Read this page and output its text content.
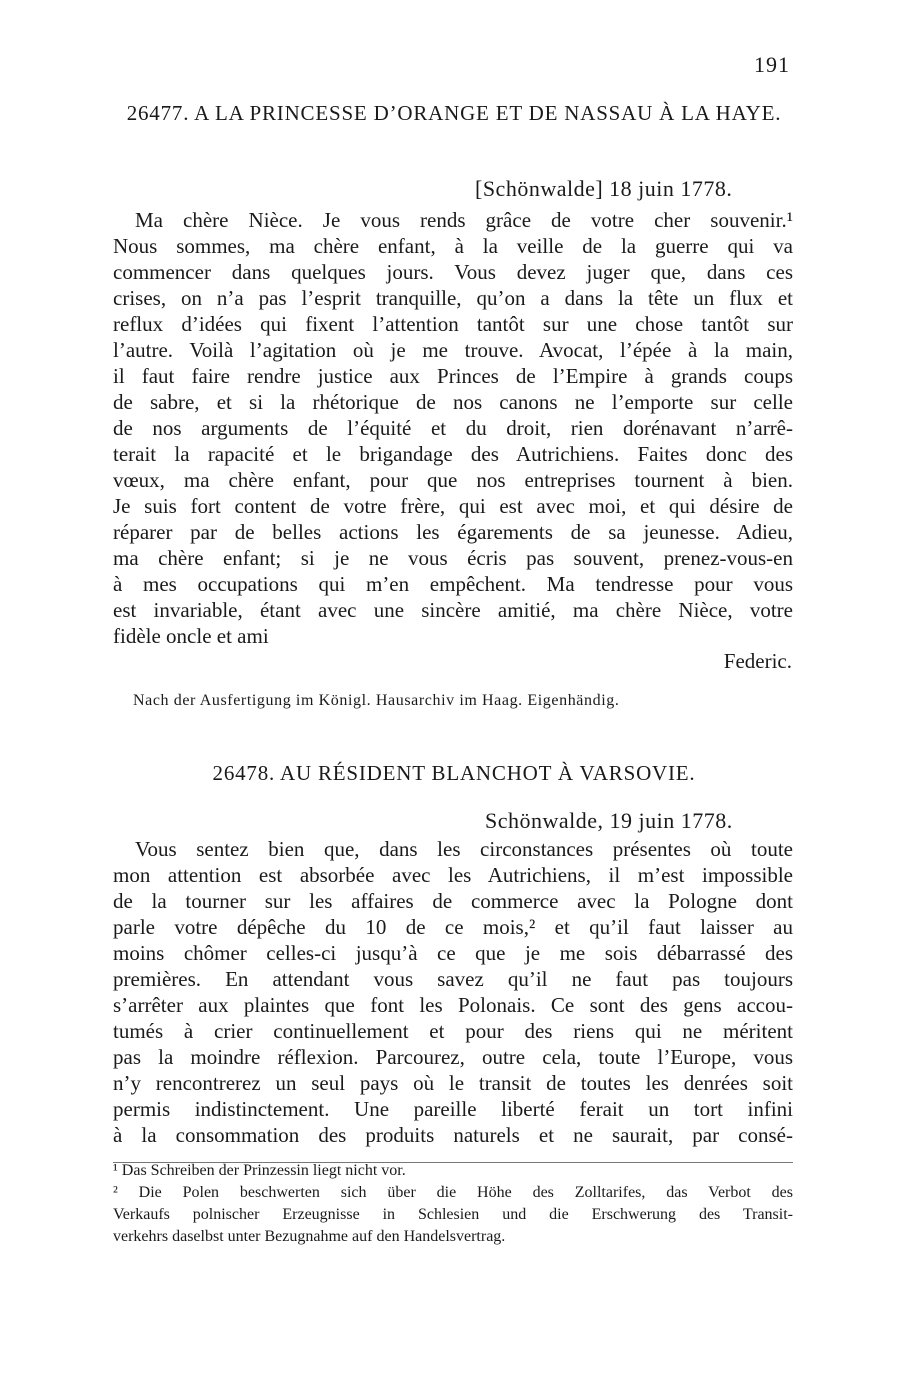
191
26477. A LA PRINCESSE D’ORANGE ET DE NASSAU À LA HAYE.
[Schönwalde] 18 juin 1778.
Ma chère Nièce. Je vous rends grâce de votre cher souvenir.¹
Nous sommes, ma chère enfant, à la veille de la guerre qui va
commencer dans quelques jours. Vous devez juger que, dans ces
crises, on n’a pas l’esprit tranquille, qu’on a dans la tête un flux et
reflux d’idées qui fixent l’attention tantôt sur une chose tantôt sur
l’autre. Voilà l’agitation où je me trouve. Avocat, l’épée à la main,
il faut faire rendre justice aux Princes de l’Empire à grands coups
de sabre, et si la rhétorique de nos canons ne l’emporte sur celle
de nos arguments de l’équité et du droit, rien dorénavant n’arrê-
terait la rapacité et le brigandage des Autrichiens. Faites donc des
vœux, ma chère enfant, pour que nos entreprises tournent à bien.
Je suis fort content de votre frère, qui est avec moi, et qui désire de
réparer par de belles actions les égarements de sa jeunesse. Adieu,
ma chère enfant; si je ne vous écris pas souvent, prenez-vous-en
à mes occupations qui m’en empêchent. Ma tendresse pour vous
est invariable, étant avec une sincère amitié, ma chère Nièce, votre
fidèle oncle et ami
Federic.
Nach der Ausfertigung im Königl. Hausarchiv im Haag. Eigenhändig.
26478. AU RÉSIDENT BLANCHOT À VARSOVIE.
Schönwalde, 19 juin 1778.
Vous sentez bien que, dans les circonstances présentes où toute
mon attention est absorbée avec les Autrichiens, il m’est impossible
de la tourner sur les affaires de commerce avec la Pologne dont
parle votre dépêche du 10 de ce mois,² et qu’il faut laisser au
moins chômer celles-ci jusqu’à ce que je me sois débarrassé des
premières. En attendant vous savez qu’il ne faut pas toujours
s’arrêter aux plaintes que font les Polonais. Ce sont des gens accou-
tumés à crier continuellement et pour des riens qui ne méritent
pas la moindre réflexion. Parcourez, outre cela, toute l’Europe, vous
n’y rencontrerez un seul pays où le transit de toutes les denrées soit
permis indistinctement. Une pareille liberté ferait un tort infini
à la consommation des produits naturels et ne saurait, par consé-
¹ Das Schreiben der Prinzessin liegt nicht vor.
² Die Polen beschwerten sich über die Höhe des Zolltarifes, das Verbot des
Verkaufs polnischer Erzeugnisse in Schlesien und die Erschwerung des Transit-
verkehrs daselbst unter Bezugnahme auf den Handelsvertrag.
